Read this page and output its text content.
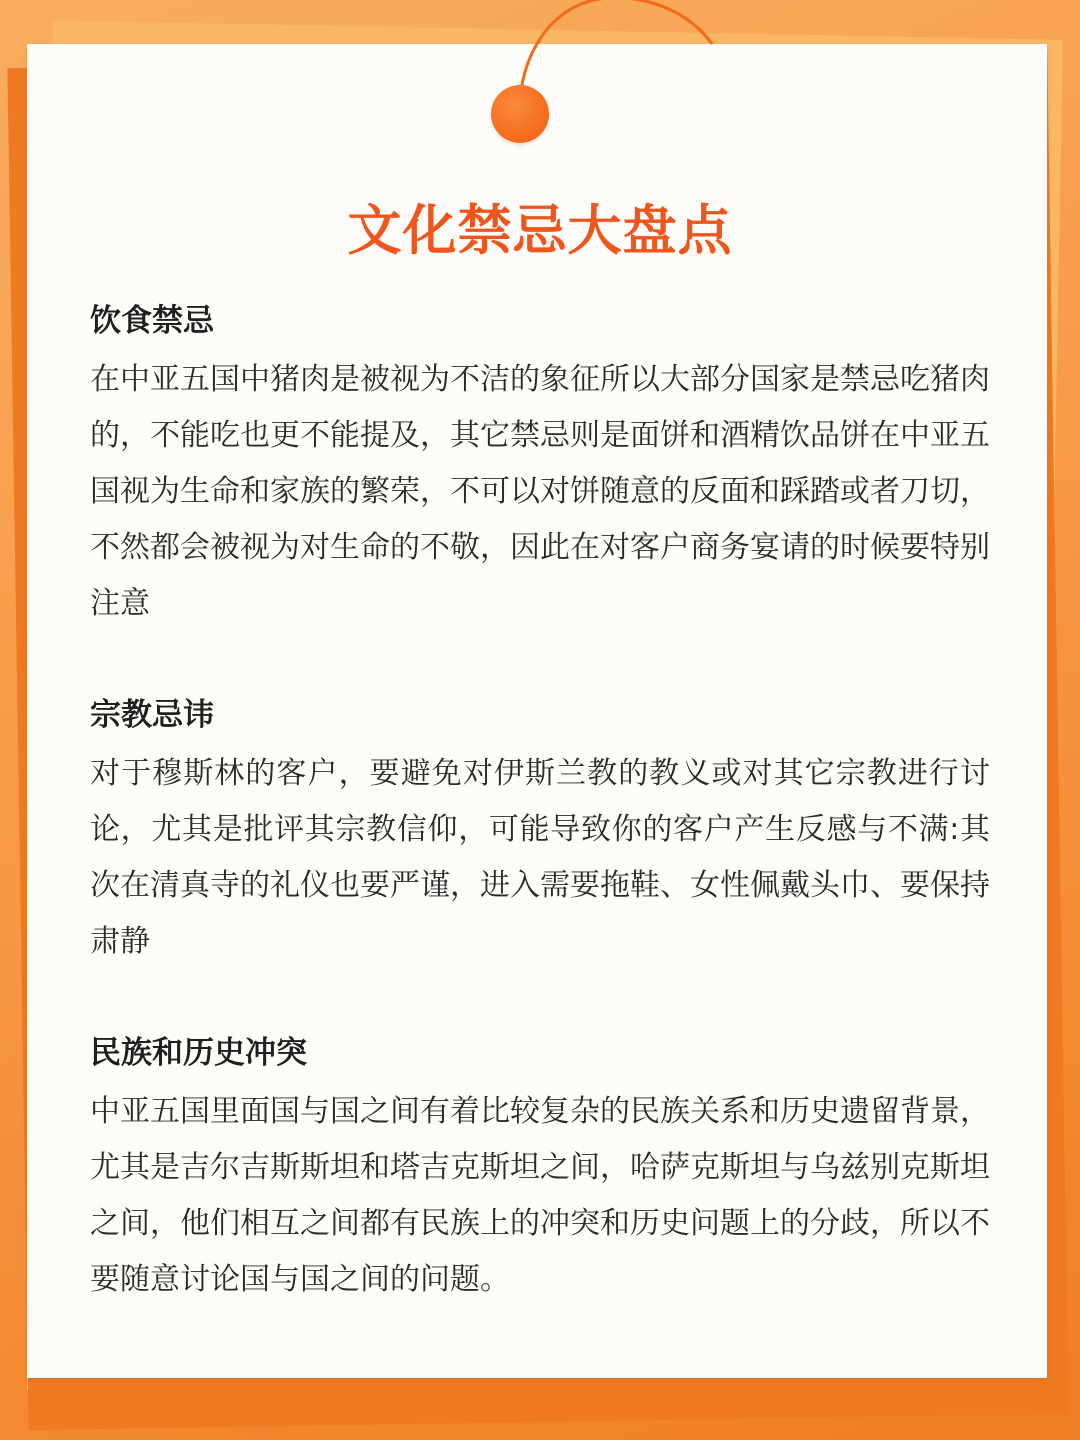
文化禁忌大盘点
饮食禁忌

在中亚五国中猪肉是被视为不洁的象征所以大部分国家是禁忌吃猪肉的，不能吃也更不能提及，其它禁忌则是面饼和酒精饮品饼在中亚五国视为生命和家族的繁荣，不可以对饼随意的反面和踩踏或者刀切，不然都会被视为对生命的不敬，因此在对客户商务宴请的时候要特别注意

宗教忌讳

对于穆斯林的客户，要避免对伊斯兰教的教义或对其它宗教进行讨论，尤其是批评其宗教信仰，可能导致你的客户产生反感与不满:其次在清真寺的礼仪也要严谨，进入需要拖鞋、女性佩戴头巾、要保持肃静

民族和历史冲突

中亚五国里面国与国之间有着比较复杂的民族关系和历史遗留背景，尤其是吉尔吉斯斯坦和塔吉克斯坦之间，哈萨克斯坦与乌兹别克斯坦之间，他们相互之间都有民族上的冲突和历史问题上的分歧，所以不要随意讨论国与国之间的问题。
